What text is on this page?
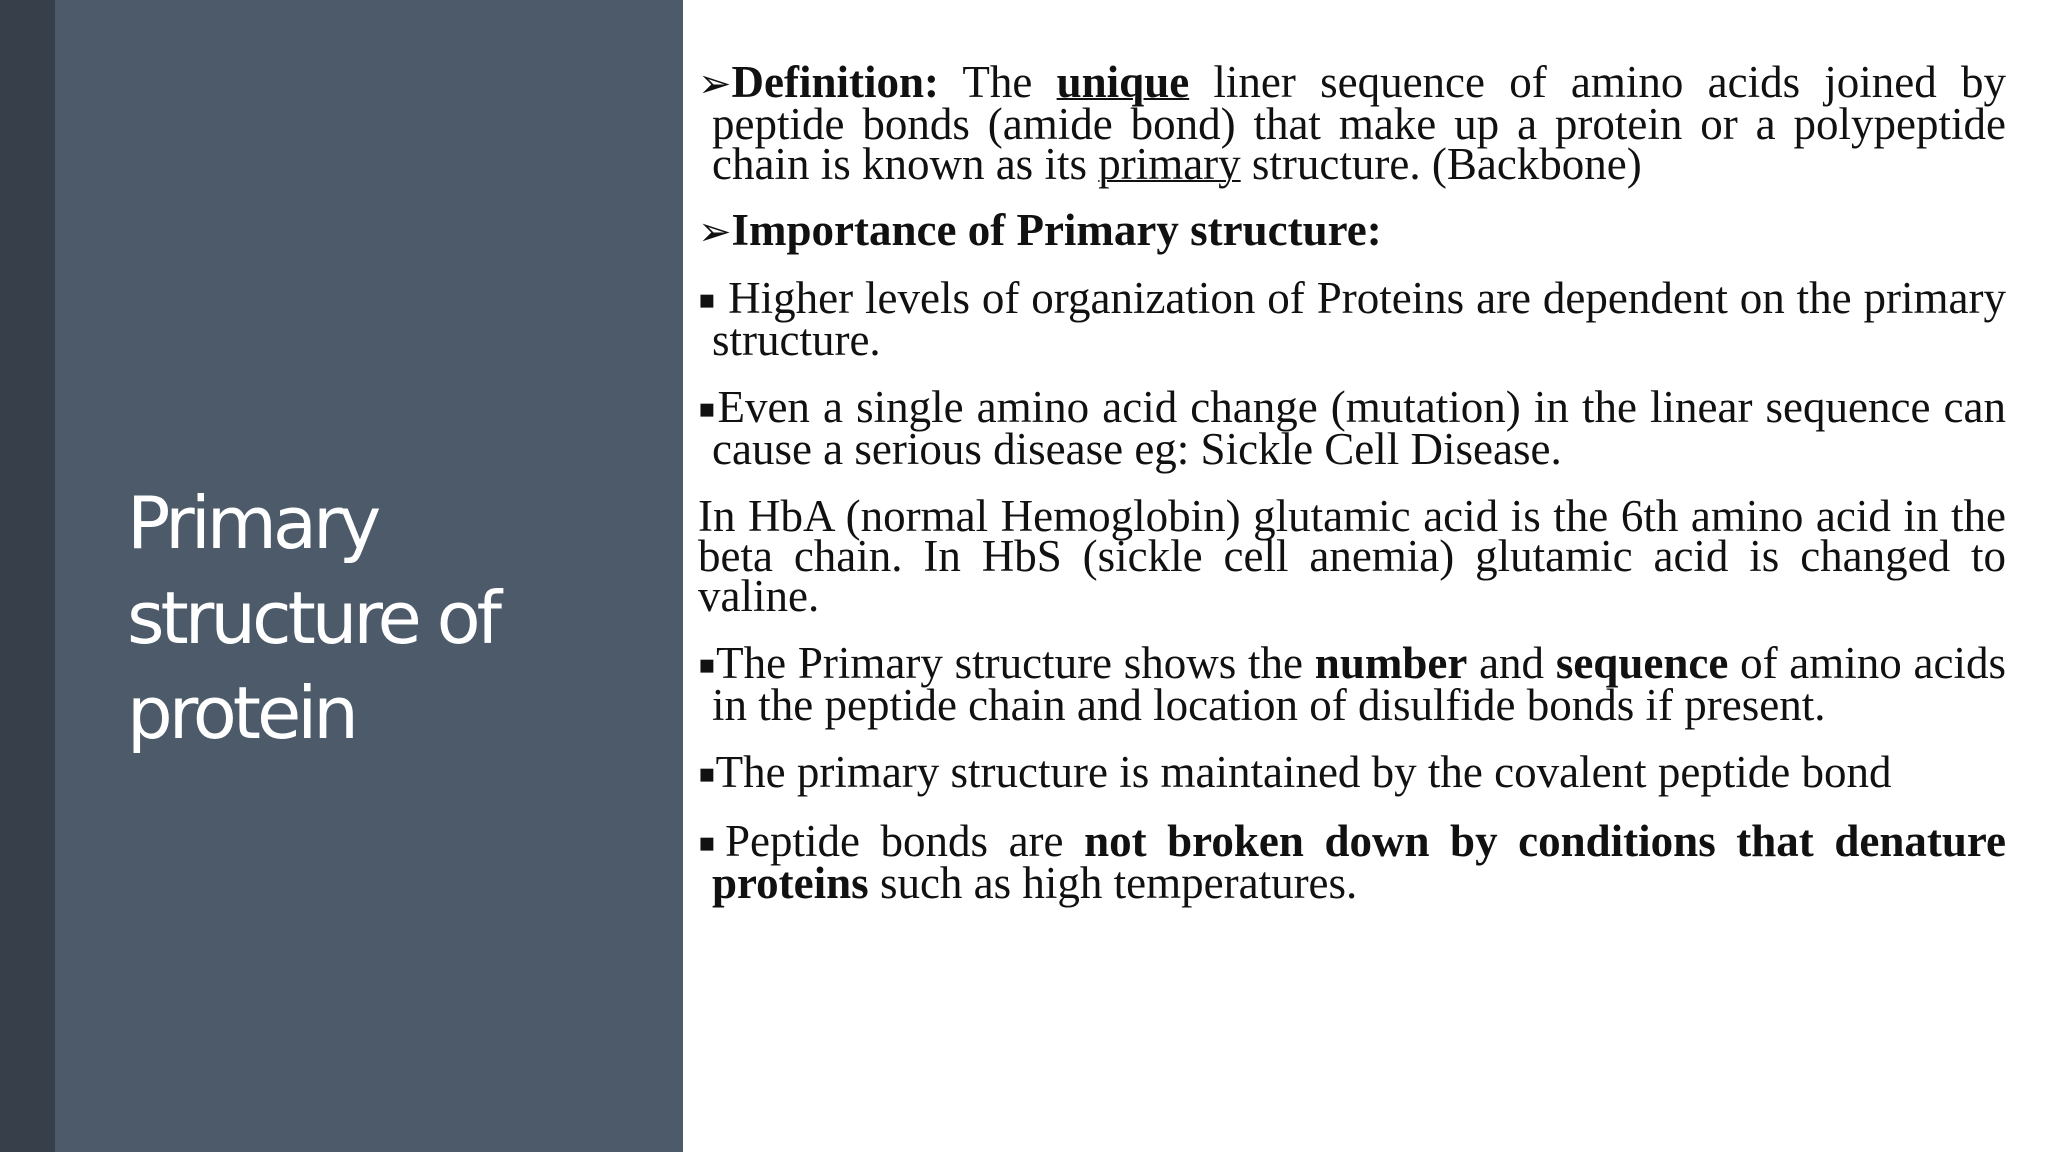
Primary structure of protein

➢Definition: The unique liner sequence of amino acids joined by peptide bonds (amide bond) that make up a protein or a polypeptide chain is known as its primary structure. (Backbone)

➢Importance of Primary structure:

▪ Higher levels of organization of Proteins are dependent on the primary structure.

▪Even a single amino acid change (mutation) in the linear sequence can cause a serious disease eg: Sickle Cell Disease.

In HbA (normal Hemoglobin) glutamic acid is the 6th amino acid in the beta chain. In HbS (sickle cell anemia) glutamic acid is changed to valine.

▪The Primary structure shows the number and sequence of amino acids in the peptide chain and location of disulfide bonds if present.

▪The primary structure is maintained by the covalent peptide bond

▪Peptide bonds are not broken down by conditions that denature proteins such as high temperatures.
